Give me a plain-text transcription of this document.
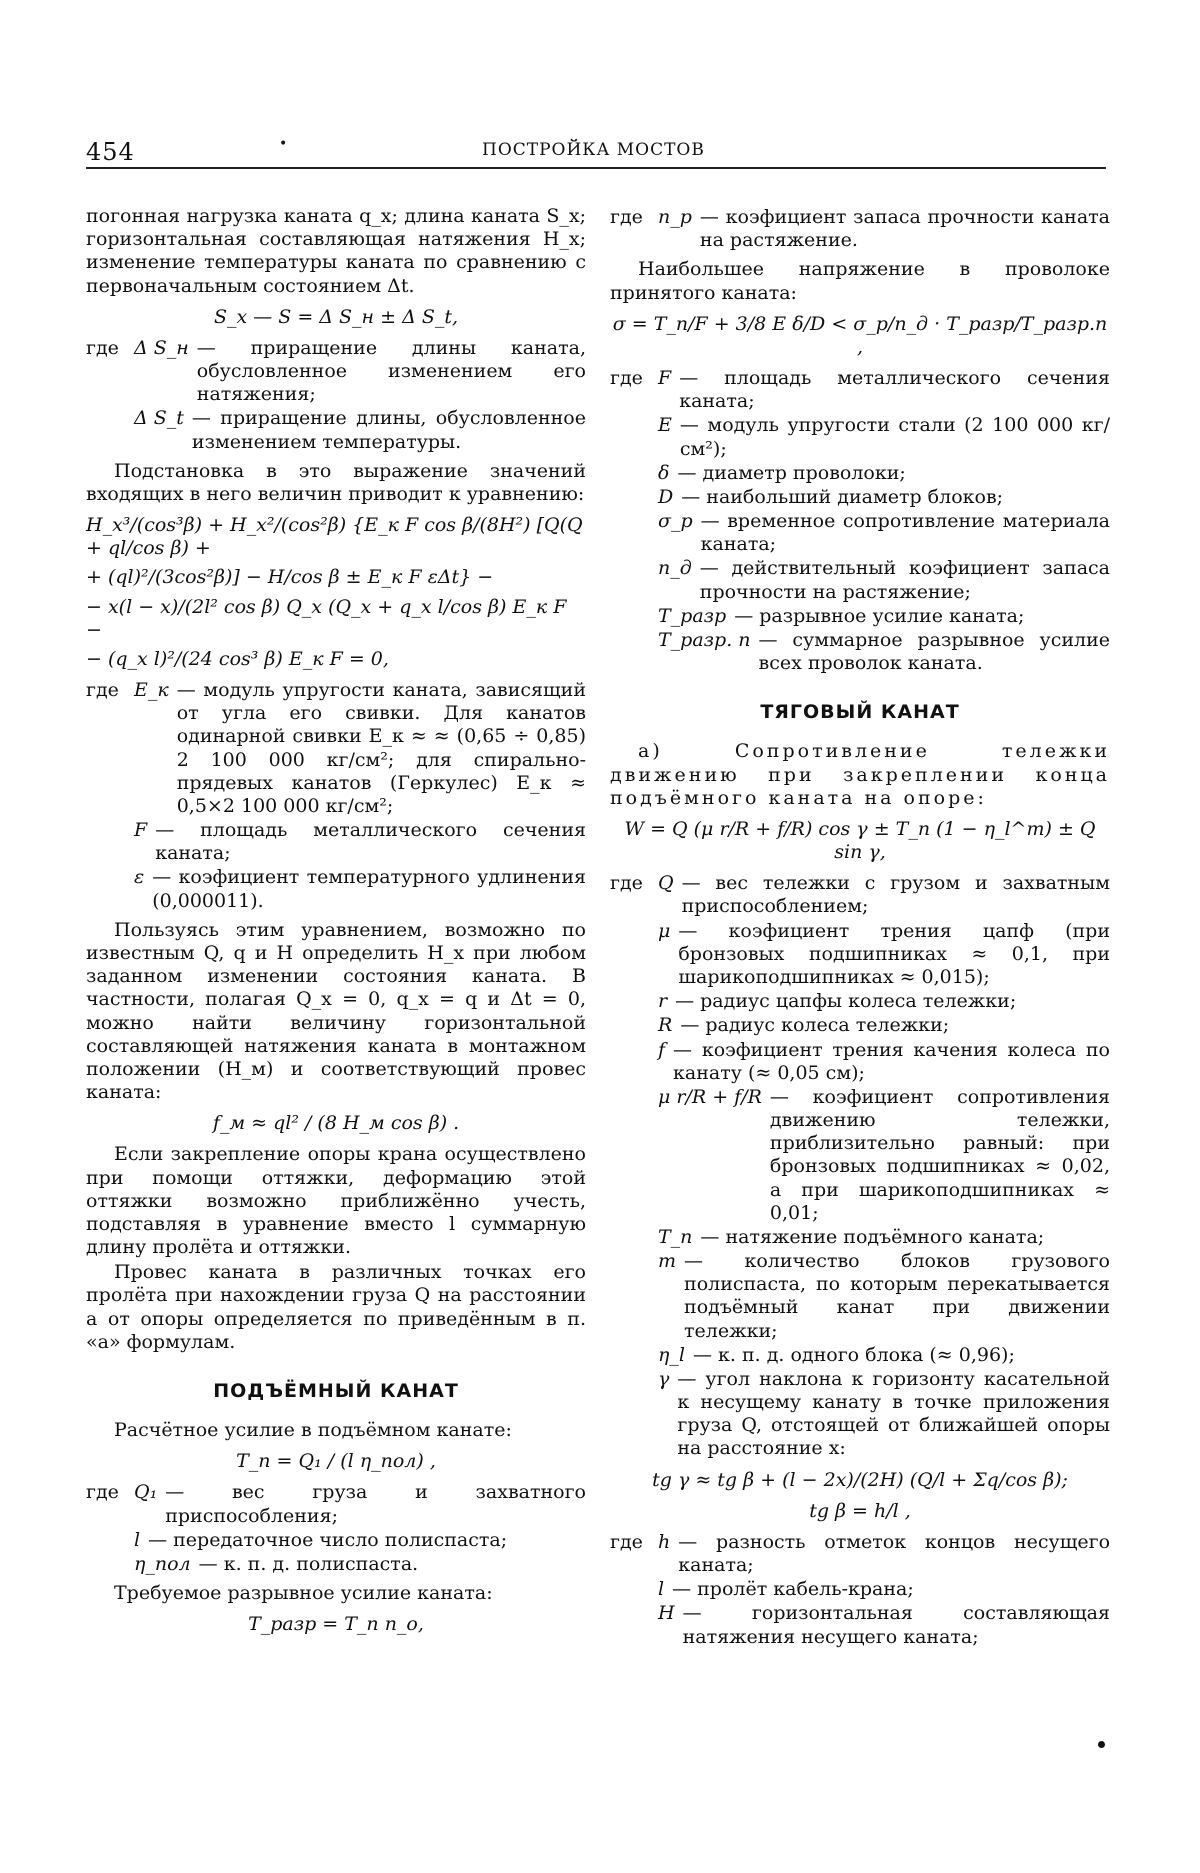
454	•	ПОСТРОЙКА МОСТОВ

погонная нагрузка каната q_x; длина каната S_x; горизонтальная составляющая натяжения H_x; изменение температуры каната по сравнению с первоначальным состоянием Δt.

S_x — S = Δ S_н ± Δ S_t,
где Δ S_н	— приращение длины каната, обусловленное изменением его натяжения;
Δ S_t	— приращение длины, обусловленное изменением температуры.

Подстановка в это выражение значений входящих в него величин приводит к уравнению:

H_x³/(cos³β) + H_x²/(cos²β) {E_к F cos β/(8H²) [Q(Q + ql/cos β) +
+ (ql)²/(3cos²β)] − H/cos β ± E_к F εΔt} −
− x(l − x)/(2l² cos β) Q_x (Q_x + q_x l/cos β) E_к F −
− (q_x l)²/(24 cos³ β) E_к F = 0,
где E_к	— модуль упругости каната, зависящий от угла его свивки. Для канатов одинарной свивки E_к ≈ ≈ (0,65 ÷ 0,85) 2 100 000 кг/см²; для спирально-прядевых канатов (Геркулес) E_к ≈ 0,5×2 100 000 кг/см²;
F	— площадь металлического сечения каната;
ε	— коэфициент температурного удлинения (0,000011).

Пользуясь этим уравнением, возможно по известным Q, q и H определить H_x при любом заданном изменении состояния каната. В частности, полагая Q_x = 0, q_x = q и Δt = 0, можно найти величину горизонтальной составляющей натяжения каната в монтажном положении (H_м) и соответствующий провес каната:

f_м ≈ ql² / (8 H_м cos β) .

Если закрепление опоры крана осуществлено при помощи оттяжки, деформацию этой оттяжки возможно приближённо учесть, подставляя в уравнение вместо l суммарную длину пролёта и оттяжки.

Провес каната в различных точках его пролёта при нахождении груза Q на расстоянии a от опоры определяется по приведённым в п. «а» формулам.

ПОДЪЁМНЫЙ КАНАТ

Расчётное усилие в подъёмном канате:

T_п = Q₁ / (l η_пол) ,
где Q₁	— вес груза и захватного приспособления;
l	— передаточное число полиспаста;
η_пол	— к. п. д. полиспаста.

Требуемое разрывное усилие каната:

T_разр = T_п n_о,
где n_р	— коэфициент запаса прочности каната на растяжение.

Наибольшее напряжение в проволоке принятого каната:

σ = T_п/F + 3/8 E δ/D < σ_р/n_д · T_разр/T_разр.п ,
где F	— площадь металлического сечения каната;
E	— модуль упругости стали (2 100 000 кг/см²);
δ	— диаметр проволоки;
D	— наибольший диаметр блоков;
σ_р	— временное сопротивление материала каната;
n_д	— действительный коэфициент запаса прочности на растяжение;
T_разр	— разрывное усилие каната;
T_разр. п	— суммарное разрывное усилие всех проволок каната.
ТЯГОВЫЙ КАНАТ

а) Сопротивление тележки движению при закреплении конца подъёмного каната на опоре:

W = Q (μ r/R + f/R) cos γ ± T_п (1 − η_l^m) ± Q sin γ,
где Q	— вес тележки с грузом и захватным приспособлением;
μ	— коэфициент трения цапф (при бронзовых подшипниках ≈ 0,1, при шарикоподшипниках ≈ 0,015);
r	— радиус цапфы колеса тележки;
R	— радиус колеса тележки;
f	— коэфициент трения качения колеса по канату (≈ 0,05 см);
μ r/R + f/R	— коэфициент сопротивления движению тележки, приблизительно равный: при бронзовых подшипниках ≈ 0,02, а при шарикоподшипниках ≈ 0,01;
T_п	— натяжение подъёмного каната;
m	— количество блоков грузового полиспаста, по которым перекатывается подъёмный канат при движении тележки;
η_l	— к. п. д. одного блока (≈ 0,96);
γ	— угол наклона к горизонту касательной к несущему канату в точке приложения груза Q, отстоящей от ближайшей опоры на расстояние x:
tg γ ≈ tg β + (l − 2x)/(2H) (Q/l + Σq/cos β);
tg β = h/l ,
где h	— разность отметок концов несущего каната;
l	— пролёт кабель-крана;
H	— горизонтальная составляющая натяжения несущего каната;
